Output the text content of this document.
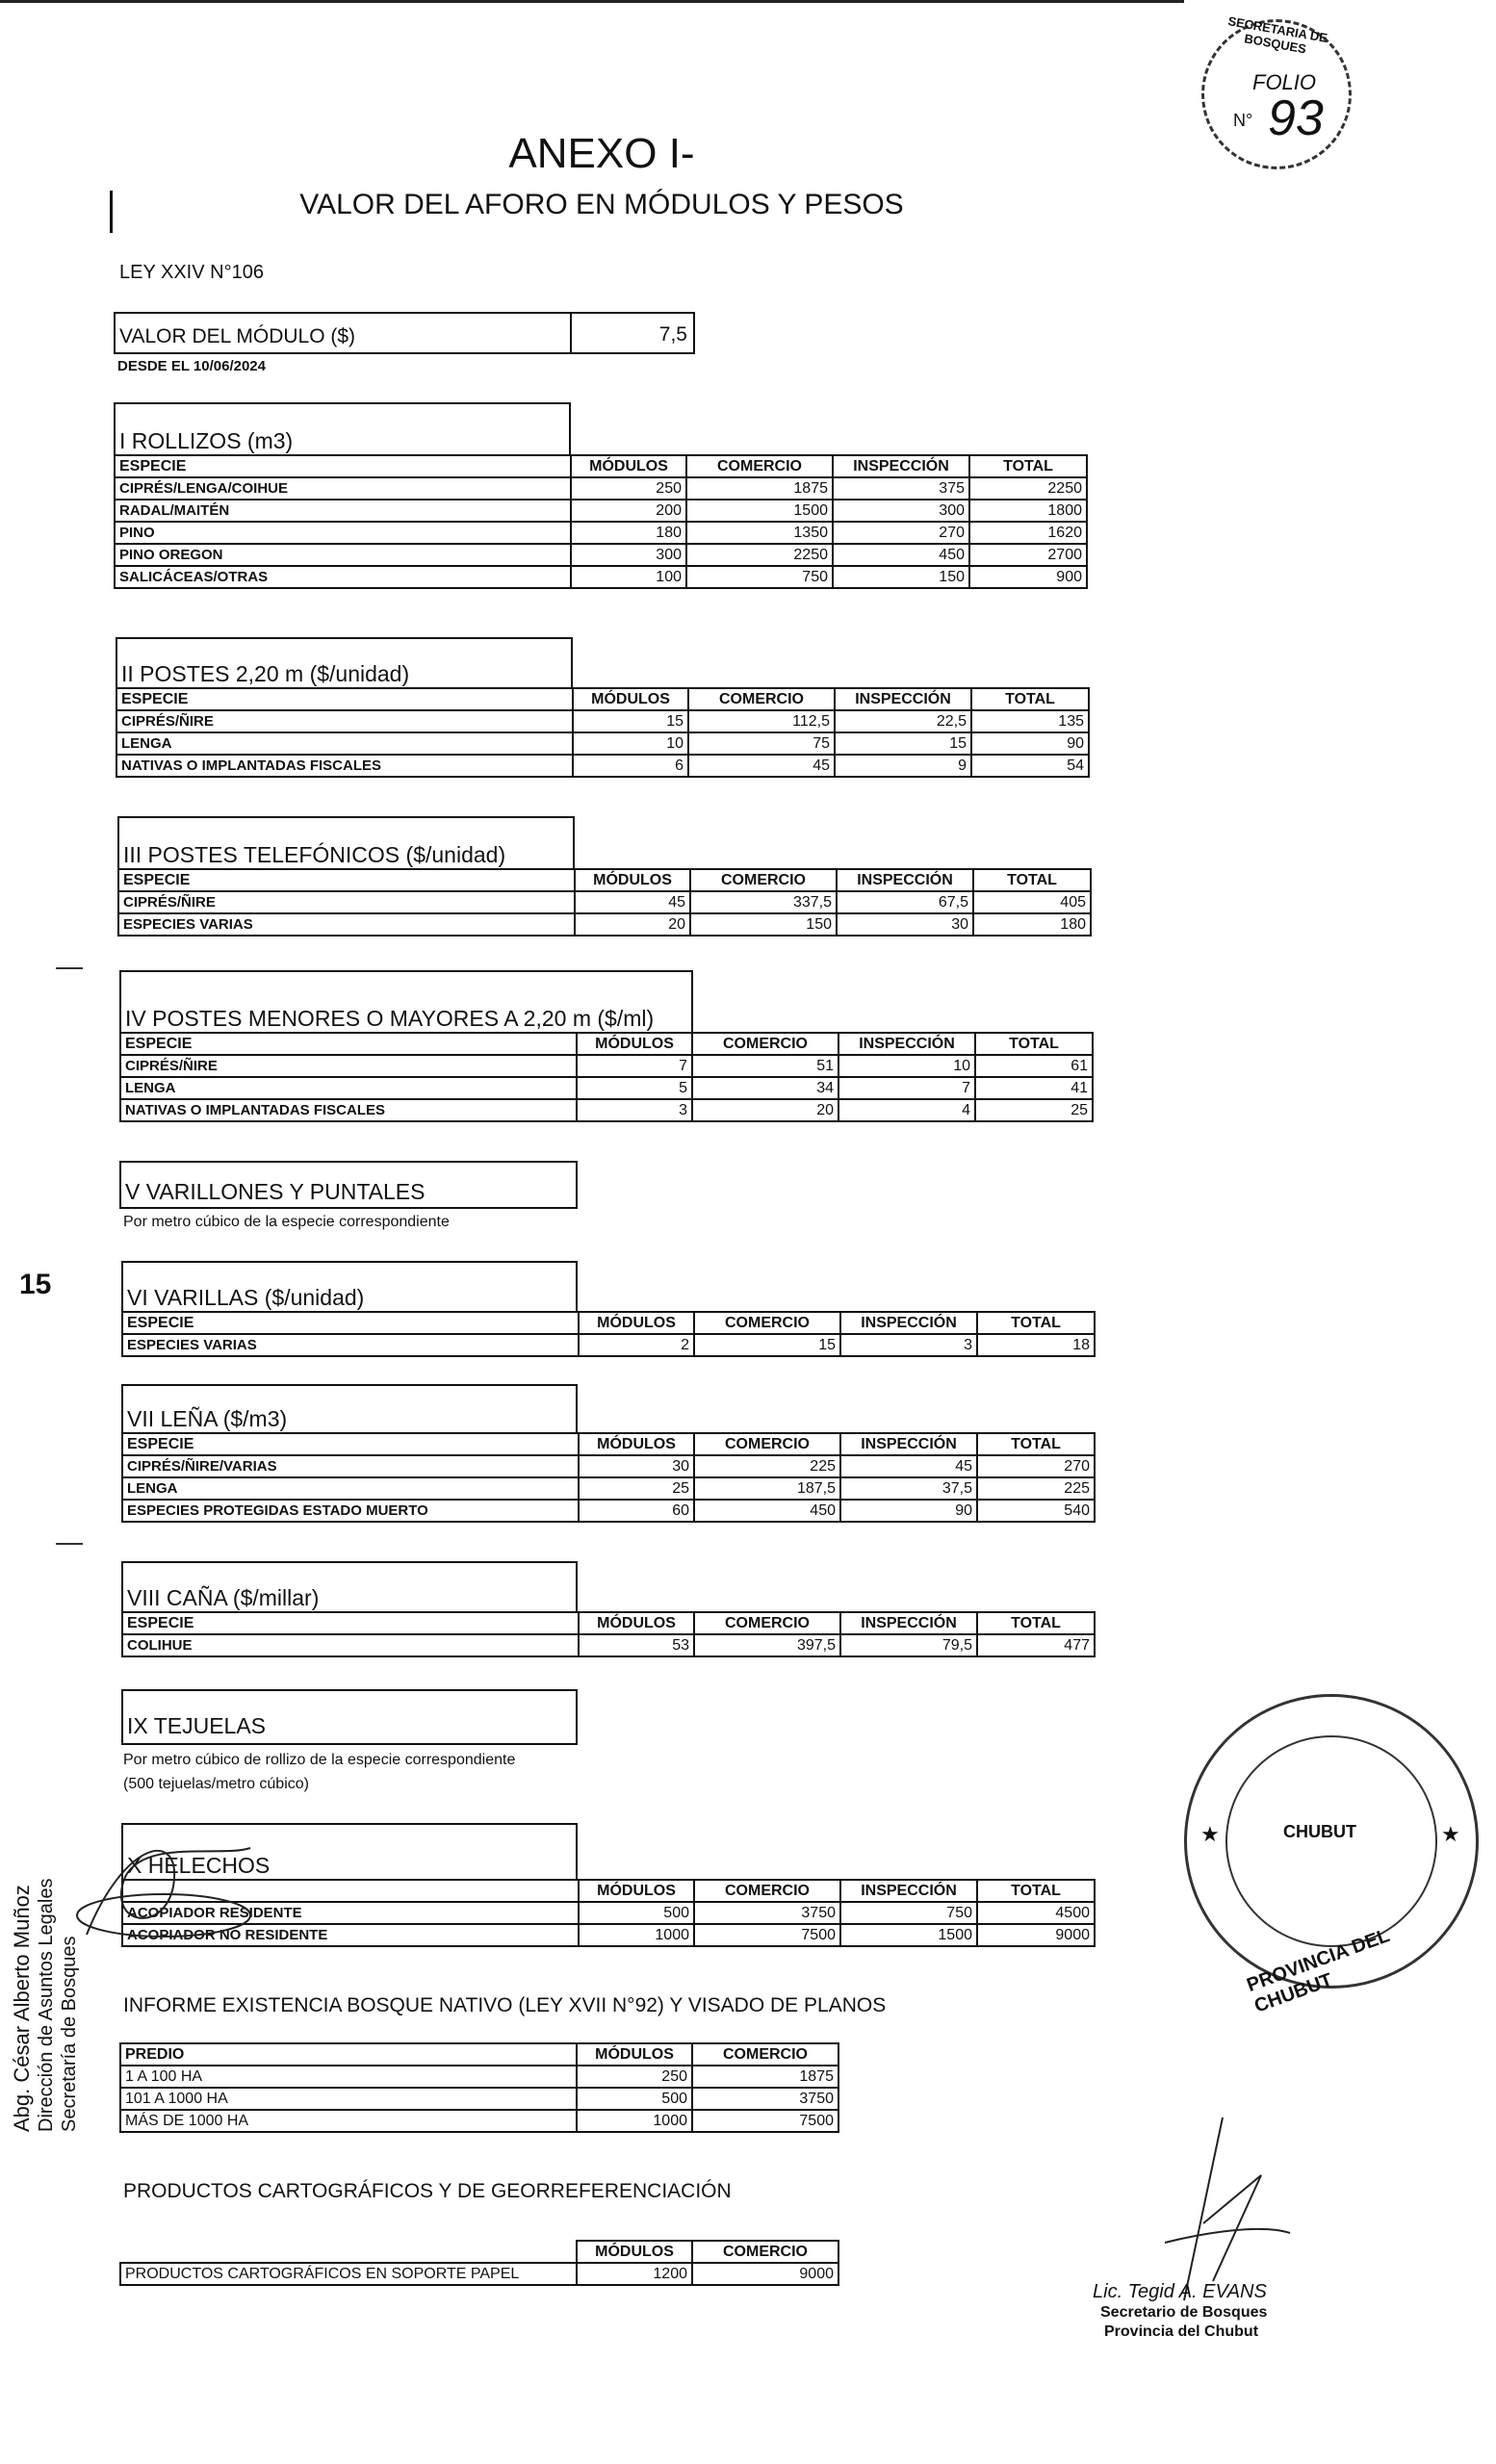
SECRETARIA DE BOSQUES
FOLIO
N° 93
ANEXO I-
VALOR DEL AFORO EN MÓDULOS Y PESOS
LEY XXIV N°106
VALOR DEL MÓDULO ($)	7,5
DESDE EL 10/06/2024
I ROLLIZOS (m3)
ESPECIE	MÓDULOS	COMERCIO	INSPECCIÓN	TOTAL
CIPRÉS/LENGA/COIHUE	250	1875	375	2250
RADAL/MAITÉN	200	1500	300	1800
PINO	180	1350	270	1620
PINO OREGON	300	2250	450	2700
SALICÁCEAS/OTRAS	100	750	150	900
II POSTES 2,20 m ($/unidad)
ESPECIE	MÓDULOS	COMERCIO	INSPECCIÓN	TOTAL
CIPRÉS/ÑIRE	15	112,5	22,5	135
LENGA	10	75	15	90
NATIVAS O IMPLANTADAS FISCALES	6	45	9	54
III POSTES TELEFÓNICOS ($/unidad)
ESPECIE	MÓDULOS	COMERCIO	INSPECCIÓN	TOTAL
CIPRÉS/ÑIRE	45	337,5	67,5	405
ESPECIES VARIAS	20	150	30	180
IV POSTES MENORES O MAYORES A 2,20 m ($/ml)
ESPECIE	MÓDULOS	COMERCIO	INSPECCIÓN	TOTAL
CIPRÉS/ÑIRE	7	51	10	61
LENGA	5	34	7	41
NATIVAS O IMPLANTADAS FISCALES	3	20	4	25
V VARILLONES Y PUNTALES
Por metro cúbico de la especie correspondiente
VI VARILLAS ($/unidad)
ESPECIE	MÓDULOS	COMERCIO	INSPECCIÓN	TOTAL
ESPECIES VARIAS	2	15	3	18
VII LEÑA ($/m3)
ESPECIE	MÓDULOS	COMERCIO	INSPECCIÓN	TOTAL
CIPRÉS/ÑIRE/VARIAS	30	225	45	270
LENGA	25	187,5	37,5	225
ESPECIES PROTEGIDAS ESTADO MUERTO	60	450	90	540
VIII CAÑA ($/millar)
ESPECIE	MÓDULOS	COMERCIO	INSPECCIÓN	TOTAL
COLIHUE	53	397,5	79,5	477
IX TEJUELAS
Por metro cúbico de rollizo de la especie correspondiente
(500 tejuelas/metro cúbico)
X HELECHOS
	MÓDULOS	COMERCIO	INSPECCIÓN	TOTAL
ACOPIADOR RESIDENTE	500	3750	750	4500
ACOPIADOR NO RESIDENTE	1000	7500	1500	9000
INFORME EXISTENCIA BOSQUE NATIVO (LEY XVII N°92) Y VISADO DE PLANOS
PREDIO	MÓDULOS	COMERCIO
1 A 100 HA	250	1875
101 A 1000 HA	500	3750
MÁS DE 1000 HA	1000	7500
PRODUCTOS CARTOGRÁFICOS Y DE GEORREFERENCIACIÓN
	MÓDULOS	COMERCIO
PRODUCTOS CARTOGRÁFICOS EN SOPORTE PAPEL	1200	9000
15
Abg. César Alberto Muñoz Dirección de Asuntos Legales Secretaría de Bosques
CHUBUT
PROVINCIA DEL CHUBUT
★	★
Lic. Tegid A. EVANS
Secretario de Bosques
Provincia del Chubut
